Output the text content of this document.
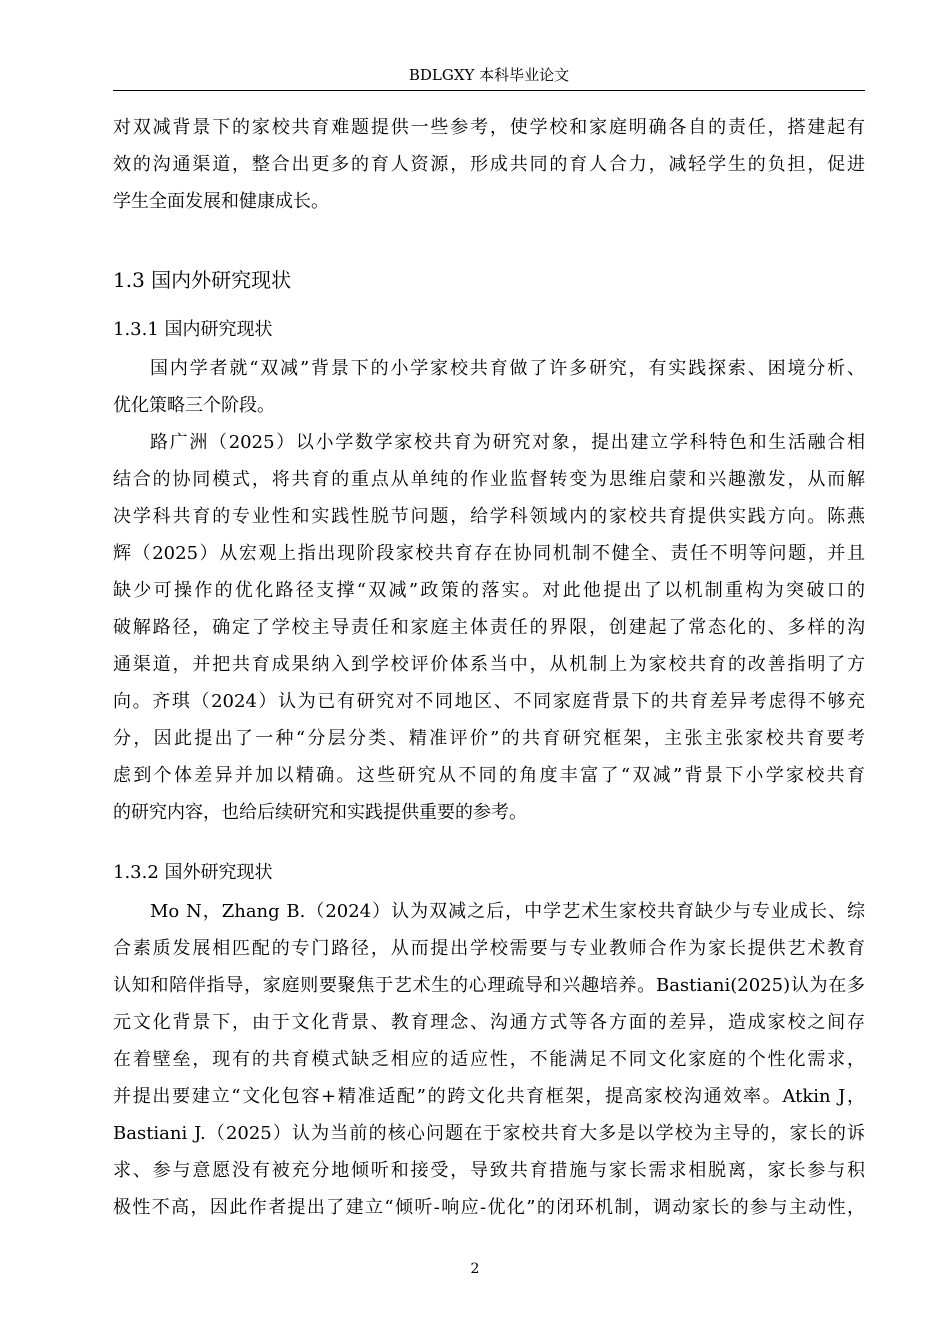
BDLGXY 本科毕业论文
对双减背景下的家校共育难题提供一些参考，使学校和家庭明确各自的责任，搭建起有
效的沟通渠道，整合出更多的育人资源，形成共同的育人合力，减轻学生的负担，促进
学生全面发展和健康成长。
1.3 国内外研究现状
1.3.1 国内研究现状
国内学者就“双减”背景下的小学家校共育做了许多研究，有实践探索、困境分析、
优化策略三个阶段。
路广洲（2025）以小学数学家校共育为研究对象，提出建立学科特色和生活融合相
结合的协同模式，将共育的重点从单纯的作业监督转变为思维启蒙和兴趣激发，从而解
决学科共育的专业性和实践性脱节问题，给学科领域内的家校共育提供实践方向。陈燕
辉（2025）从宏观上指出现阶段家校共育存在协同机制不健全、责任不明等问题，并且
缺少可操作的优化路径支撑“双减”政策的落实。对此他提出了以机制重构为突破口的
破解路径，确定了学校主导责任和家庭主体责任的界限，创建起了常态化的、多样的沟
通渠道，并把共育成果纳入到学校评价体系当中，从机制上为家校共育的改善指明了方
向。齐琪（2024）认为已有研究对不同地区、不同家庭背景下的共育差异考虑得不够充
分，因此提出了一种“分层分类、精准评价”的共育研究框架，主张主张家校共育要考
虑到个体差异并加以精确。这些研究从不同的角度丰富了“双减”背景下小学家校共育
的研究内容，也给后续研究和实践提供重要的参考。
1.3.2 国外研究现状
Mo N，Zhang B.（2024）认为双减之后，中学艺术生家校共育缺少与专业成长、综
合素质发展相匹配的专门路径，从而提出学校需要与专业教师合作为家长提供艺术教育
认知和陪伴指导，家庭则要聚焦于艺术生的心理疏导和兴趣培养。Bastiani(2025)认为在多
元文化背景下，由于文化背景、教育理念、沟通方式等各方面的差异，造成家校之间存
在着壁垒，现有的共育模式缺乏相应的适应性，不能满足不同文化家庭的个性化需求，
并提出要建立“文化包容+精准适配”的跨文化共育框架，提高家校沟通效率。Atkin J，
Bastiani J.（2025）认为当前的核心问题在于家校共育大多是以学校为主导的，家长的诉
求、参与意愿没有被充分地倾听和接受，导致共育措施与家长需求相脱离，家长参与积
极性不高，因此作者提出了建立“倾听-响应-优化”的闭环机制，调动家长的参与主动性，
2
